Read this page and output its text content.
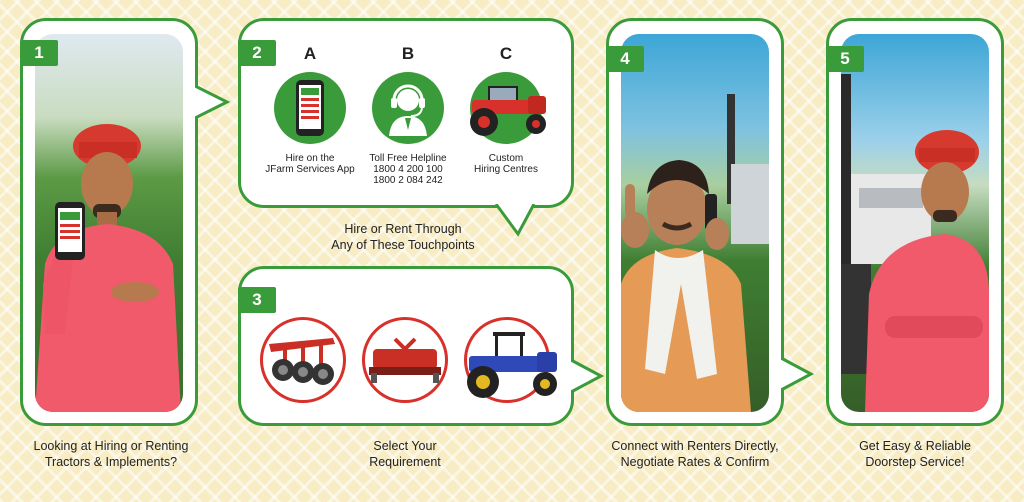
1
Looking at Hiring or Renting
Tractors & Implements?
2	A
Hire on the
JFarm Services App
B
Toll Free Helpline
1800 4 200 100
1800 2 084 242
C
Custom
Hiring Centres
Hire or Rent Through
Any of These Touchpoints
3
Select Your
Requirement
4
Connect with Renters Directly,
Negotiate Rates & Confirm
5
Get Easy & Reliable
Doorstep Service!
